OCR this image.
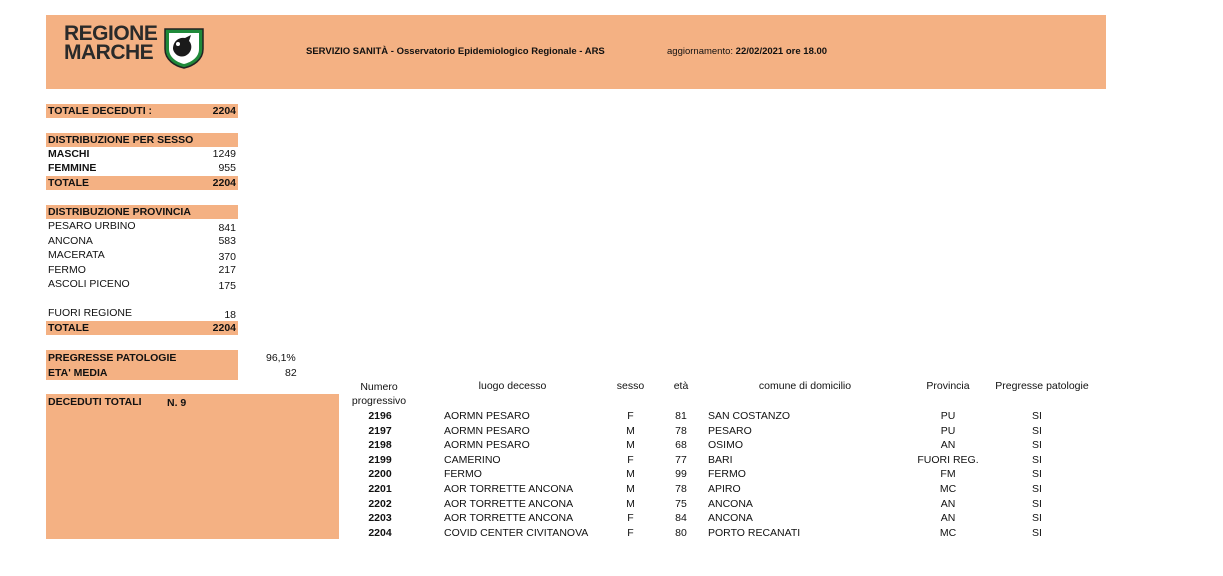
REGIONE
MARCHE	SERVIZIO SANITÀ - Osservatorio Epidemiologico Regionale - ARS	aggiornamento: 22/02/2021 ore 18.00
TOTALE DECEDUTI :	2204
DISTRIBUZIONE PER SESSO
MASCHI	1249
FEMMINE	955
TOTALE	2204
DISTRIBUZIONE PROVINCIA
PESARO URBINO	841
ANCONA	583
MACERATA	370
FERMO	217
ASCOLI PICENO	175
FUORI REGIONE	18
TOTALE	2204
PREGRESSE PATOLOGIE	96,1%
ETA' MEDIA	82
DECEDUTI TOTALI N. 9
Numero
progressivo
luogo decesso	sesso	età	comune di domicilio	Provincia	Pregresse patologie
2196	AORMN PESARO	F	81	SAN COSTANZO	PU	SI
2197	AORMN PESARO	M	78	PESARO	PU	SI
2198	AORMN PESARO	M	68	OSIMO	AN	SI
2199	CAMERINO	F	77	BARI	FUORI REG.	SI
2200	FERMO	M	99	FERMO	FM	SI
2201	AOR TORRETTE ANCONA	M	78	APIRO	MC	SI
2202	AOR TORRETTE ANCONA	M	75	ANCONA	AN	SI
2203	AOR TORRETTE ANCONA	F	84	ANCONA	AN	SI
2204	COVID CENTER CIVITANOVA	F	80	PORTO RECANATI	MC	SI
